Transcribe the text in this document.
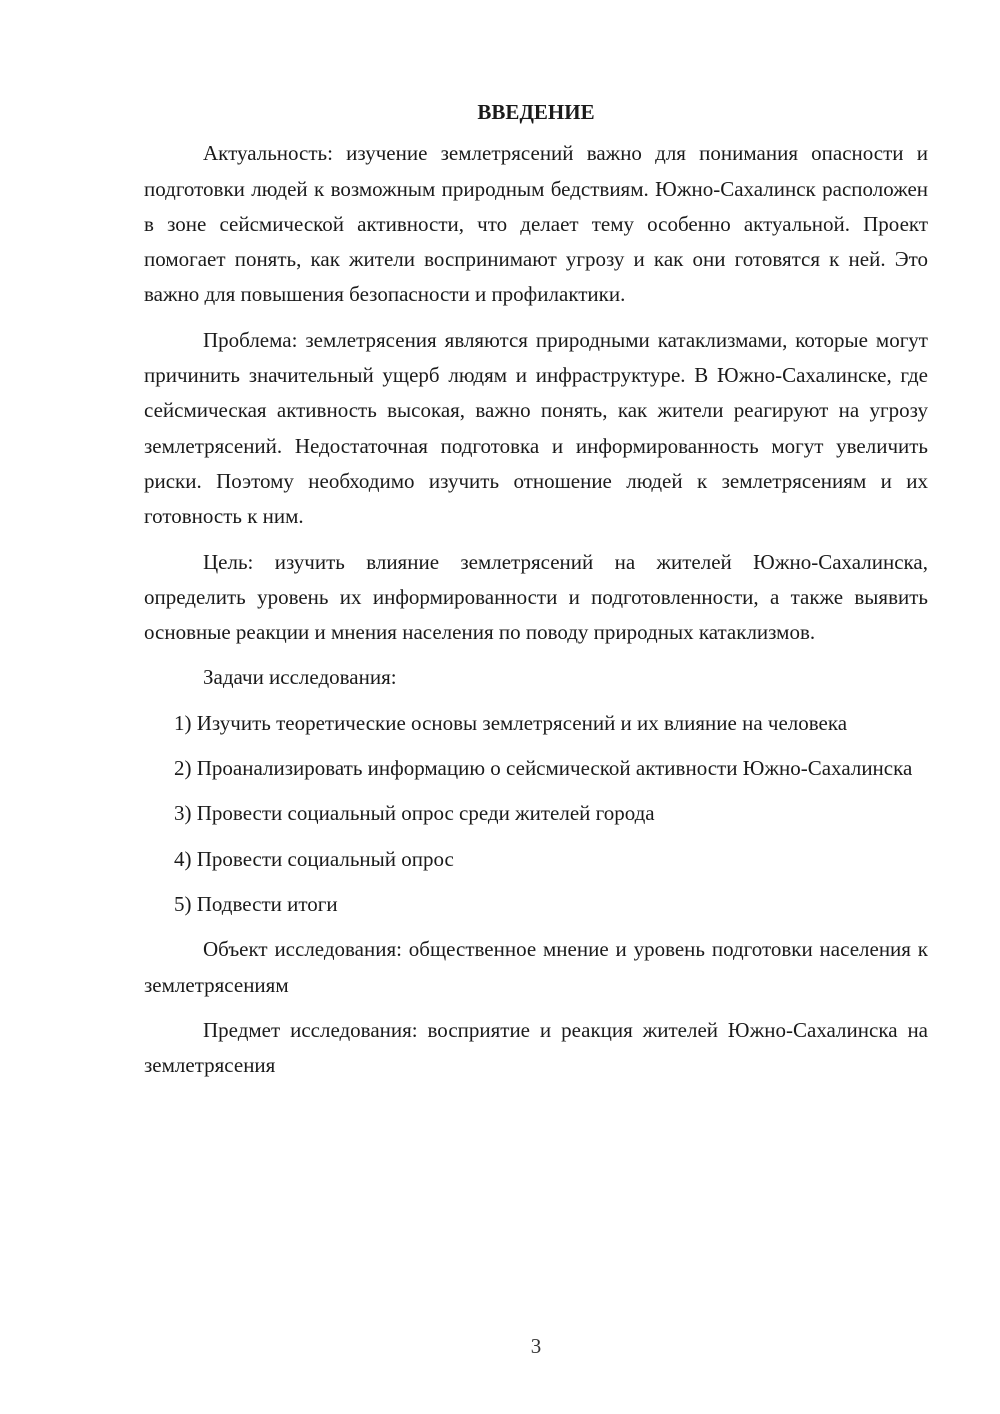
ВВЕДЕНИЕ

Актуальность: изучение землетрясений важно для понимания опасности и подготовки людей к возможным природным бедствиям. Южно-Сахалинск расположен в зоне сейсмической активности, что делает тему особенно актуальной. Проект помогает понять, как жители воспринимают угрозу и как они готовятся к ней. Это важно для повышения безопасности и профилактики.

Проблема: землетрясения являются природными катаклизмами, которые могут причинить значительный ущерб людям и инфраструктуре. В Южно-Сахалинске, где сейсмическая активность высокая, важно понять, как жители реагируют на угрозу землетрясений. Недостаточная подготовка и информированность могут увеличить риски. Поэтому необходимо изучить отношение людей к землетрясениям и их готовность к ним.

Цель: изучить влияние землетрясений на жителей Южно-Сахалинска, определить уровень их информированности и подготовленности, а также выявить основные реакции и мнения населения по поводу природных катаклизмов.

Задачи исследования:

1) Изучить теоретические основы землетрясений и их влияние на человека

2) Проанализировать информацию о сейсмической активности Южно-Сахалинска

3) Провести социальный опрос среди жителей города

4) Провести социальный опрос

5) Подвести итоги

Объект исследования: общественное мнение и уровень подготовки населения к землетрясениям

Предмет исследования: восприятие и реакция жителей Южно-Сахалинска на землетрясения

3
